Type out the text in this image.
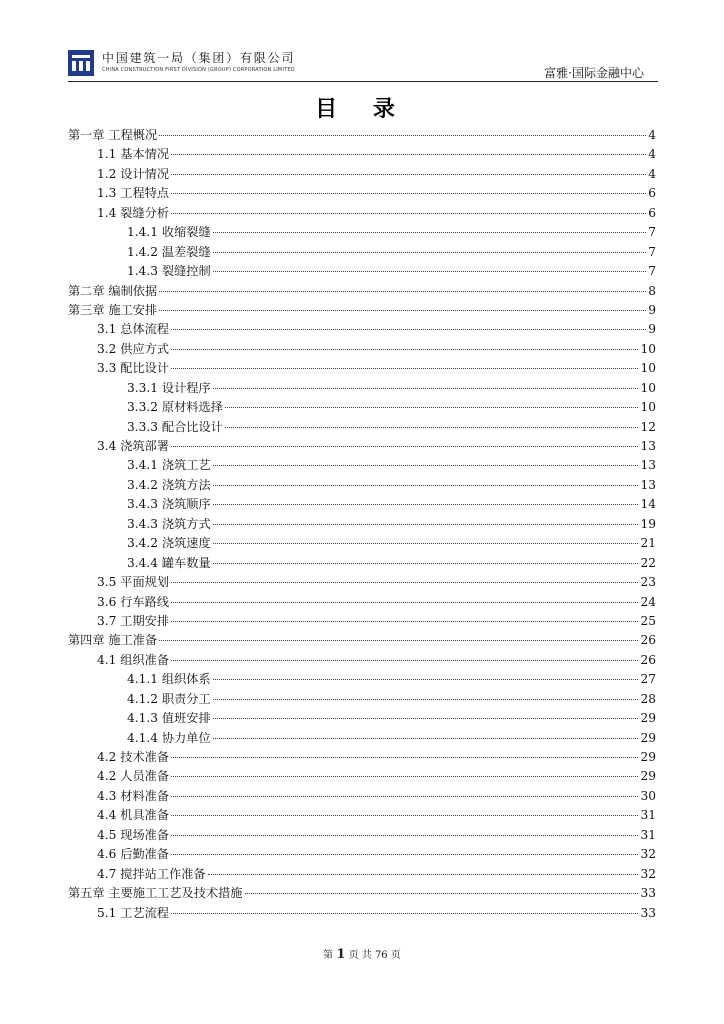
中国建筑一局（集团）有限公司
CHINA CONSTRUCTION FIRST DIVISION (GROUP) CORPORATION LIMITED	富雅·国际金融中心
目 录
第一章 工程概况	4
1.1 基本情况	4
1.2 设计情况	4
1.3 工程特点	6
1.4 裂缝分析	6
1.4.1 收缩裂缝	7
1.4.2 温差裂缝	7
1.4.3 裂缝控制	7
第二章 编制依据	8
第三章 施工安排	9
3.1 总体流程	9
3.2 供应方式	10
3.3 配比设计	10
3.3.1 设计程序	10
3.3.2 原材料选择	10
3.3.3 配合比设计	12
3.4 浇筑部署	13
3.4.1 浇筑工艺	13
3.4.2 浇筑方法	13
3.4.3 浇筑顺序	14
3.4.3 浇筑方式	19
3.4.2 浇筑速度	21
3.4.4 罐车数量	22
3.5 平面规划	23
3.6 行车路线	24
3.7 工期安排	25
第四章 施工准备	26
4.1 组织准备	26
4.1.1 组织体系	27
4.1.2 职责分工	28
4.1.3 值班安排	29
4.1.4 协力单位	29
4.2 技术准备	29
4.2 人员准备	29
4.3 材料准备	30
4.4 机具准备	31
4.5 现场准备	31
4.6 后勤准备	32
4.7 搅拌站工作准备	32
第五章 主要施工工艺及技术措施	33
5.1 工艺流程	33
第 1 页 共 76 页
